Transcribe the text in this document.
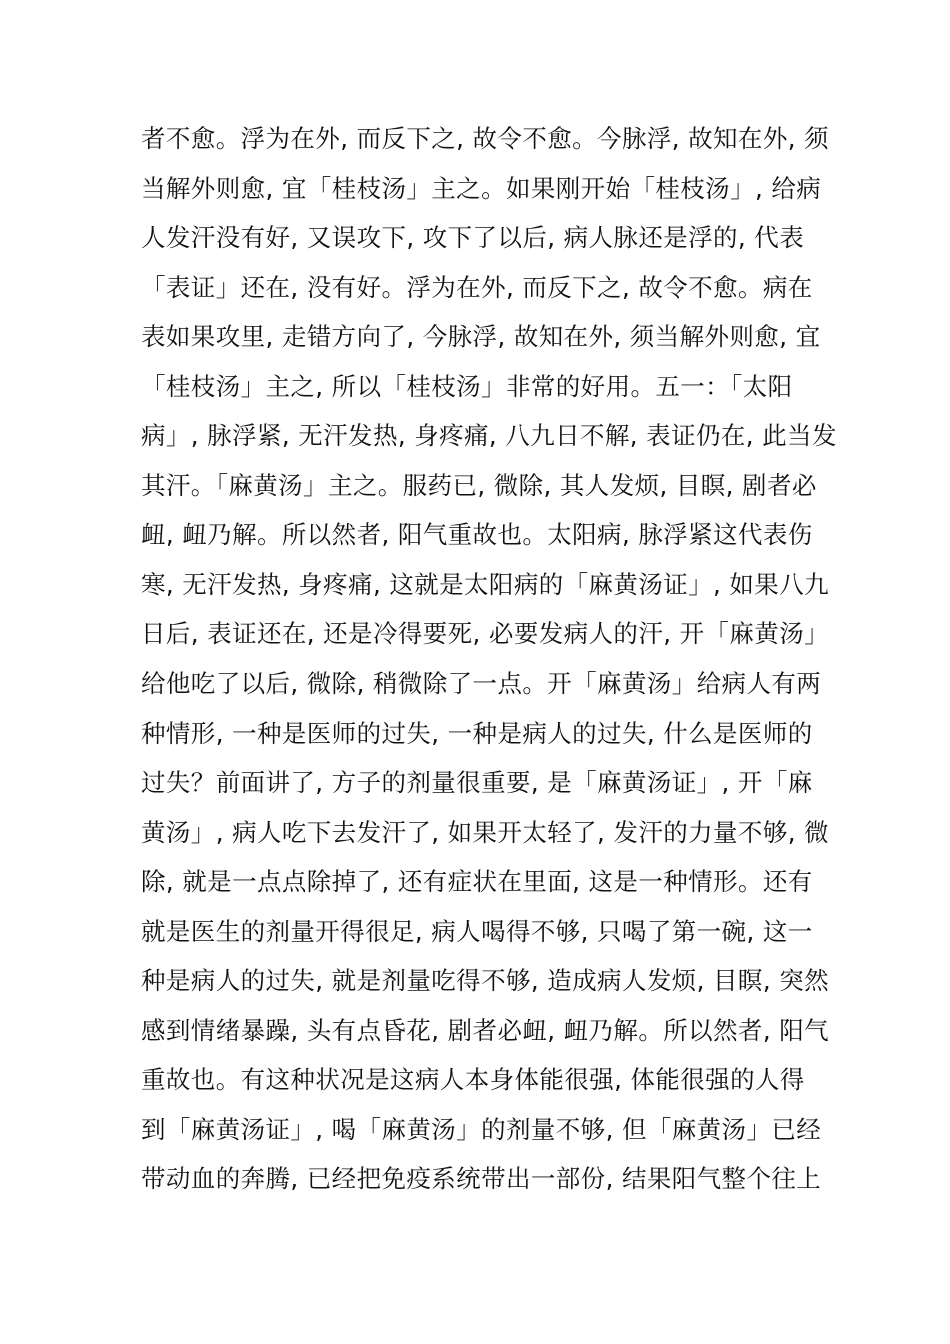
者不愈。浮为在外, 而反下之, 故令不愈。今脉浮, 故知在外, 须
当解外则愈, 宜「桂枝汤」主之。如果刚开始「桂枝汤」, 给病
人发汗没有好, 又误攻下, 攻下了以后, 病人脉还是浮的, 代表
「表证」还在, 没有好。浮为在外, 而反下之, 故令不愈。病在
表如果攻里, 走错方向了, 今脉浮, 故知在外, 须当解外则愈, 宜
「桂枝汤」主之, 所以「桂枝汤」非常的好用。五一：「太阳
病」, 脉浮紧, 无汗发热, 身疼痛, 八九日不解, 表证仍在, 此当发
其汗。「麻黄汤」主之。服药已, 微除, 其人发烦, 目瞑, 剧者必
衄, 衄乃解。所以然者, 阳气重故也。太阳病, 脉浮紧这代表伤
寒, 无汗发热, 身疼痛, 这就是太阳病的「麻黄汤证」, 如果八九
日后, 表证还在, 还是冷得要死, 必要发病人的汗, 开「麻黄汤」
给他吃了以后, 微除, 稍微除了一点。开「麻黄汤」给病人有两
种情形, 一种是医师的过失, 一种是病人的过失, 什么是医师的
过失？前面讲了, 方子的剂量很重要, 是「麻黄汤证」, 开「麻
黄汤」, 病人吃下去发汗了, 如果开太轻了, 发汗的力量不够, 微
除, 就是一点点除掉了, 还有症状在里面, 这是一种情形。还有
就是医生的剂量开得很足, 病人喝得不够, 只喝了第一碗, 这一
种是病人的过失, 就是剂量吃得不够, 造成病人发烦, 目瞑, 突然
感到情绪暴躁, 头有点昏花, 剧者必衄, 衄乃解。所以然者, 阳气
重故也。有这种状况是这病人本身体能很强, 体能很强的人得
到「麻黄汤证」, 喝「麻黄汤」的剂量不够, 但「麻黄汤」已经
带动血的奔腾, 已经把免疫系统带出一部份, 结果阳气整个往上
